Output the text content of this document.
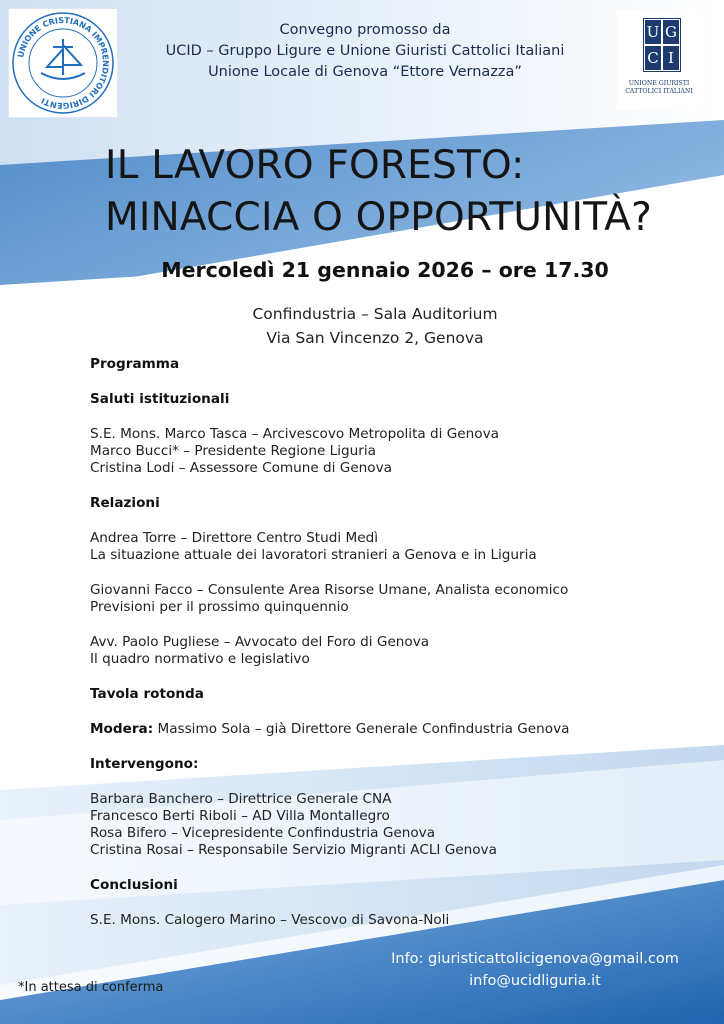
UNIONE CRISTIANA IMPRENDITORI DIRIGENTI
U G
C I
UNIONE GIURISTI
CATTOLICI ITALIANI
Convegno promosso da
UCID – Gruppo Ligure e Unione Giuristi Cattolici Italiani
Unione Locale di Genova “Ettore Vernazza”
IL LAVORO FORESTO:
MINACCIA O OPPORTUNITÀ?
Mercoledì 21 gennaio 2026 – ore 17.30
Confindustria – Sala Auditorium
Via San Vincenzo 2, Genova
Programma
Saluti istituzionali
S.E. Mons. Marco Tasca – Arcivescovo Metropolita di Genova
Marco Bucci* – Presidente Regione Liguria
Cristina Lodi – Assessore Comune di Genova
Relazioni
Andrea Torre – Direttore Centro Studi Medì
La situazione attuale dei lavoratori stranieri a Genova e in Liguria
Giovanni Facco – Consulente Area Risorse Umane, Analista economico
Previsioni per il prossimo quinquennio
Avv. Paolo Pugliese – Avvocato del Foro di Genova
Il quadro normativo e legislativo
Tavola rotonda
Modera: Massimo Sola – già Direttore Generale Confindustria Genova
Intervengono:
Barbara Banchero – Direttrice Generale CNA
Francesco Berti Riboli – AD Villa Montallegro
Rosa Bifero – Vicepresidente Confindustria Genova
Cristina Rosai – Responsabile Servizio Migranti ACLI Genova
Conclusioni
S.E. Mons. Calogero Marino – Vescovo di Savona-Noli
Info: giuristicattolicigenova@gmail.com
info@ucidliguria.it
*In attesa di conferma
